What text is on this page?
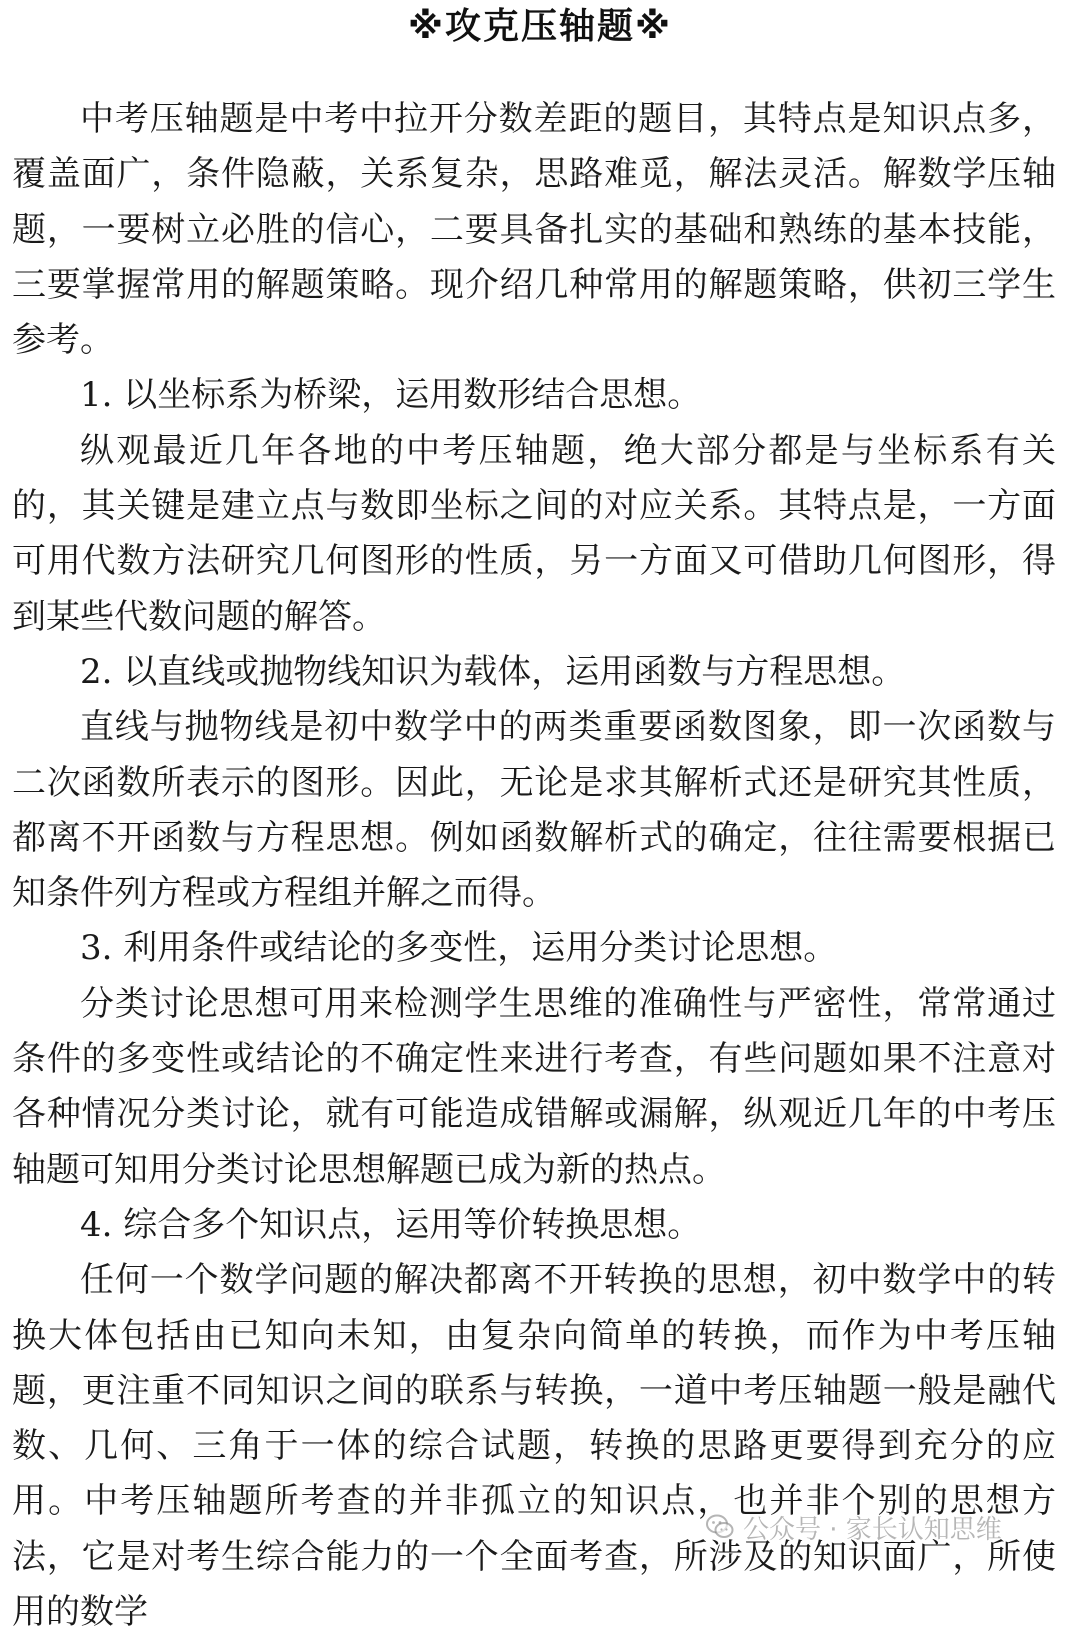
※攻克压轴题※

中考压轴题是中考中拉开分数差距的题目，其特点是知识点多，覆盖面广，条件隐蔽，关系复杂，思路难觅，解法灵活。解数学压轴题，一要树立必胜的信心，二要具备扎实的基础和熟练的基本技能，三要掌握常用的解题策略。现介绍几种常用的解题策略，供初三学生参考。

1. 以坐标系为桥梁，运用数形结合思想。

纵观最近几年各地的中考压轴题，绝大部分都是与坐标系有关的，其关键是建立点与数即坐标之间的对应关系。其特点是，一方面可用代数方法研究几何图形的性质，另一方面又可借助几何图形，得到某些代数问题的解答。

2. 以直线或抛物线知识为载体，运用函数与方程思想。

直线与抛物线是初中数学中的两类重要函数图象，即一次函数与二次函数所表示的图形。因此，无论是求其解析式还是研究其性质，都离不开函数与方程思想。例如函数解析式的确定，往往需要根据已知条件列方程或方程组并解之而得。

3. 利用条件或结论的多变性，运用分类讨论思想。

分类讨论思想可用来检测学生思维的准确性与严密性，常常通过条件的多变性或结论的不确定性来进行考查，有些问题如果不注意对各种情况分类讨论，就有可能造成错解或漏解，纵观近几年的中考压轴题可知用分类讨论思想解题已成为新的热点。

4. 综合多个知识点，运用等价转换思想。

任何一个数学问题的解决都离不开转换的思想，初中数学中的转换大体包括由已知向未知，由复杂向简单的转换，而作为中考压轴题，更注重不同知识之间的联系与转换，一道中考压轴题一般是融代数、几何、三角于一体的综合试题，转换的思路更要得到充分的应用。中考压轴题所考查的并非孤立的知识点，也并非个别的思想方法，它是对考生综合能力的一个全面考查，所涉及的知识面广，所使用的数学

公众号 · 家长认知思维
